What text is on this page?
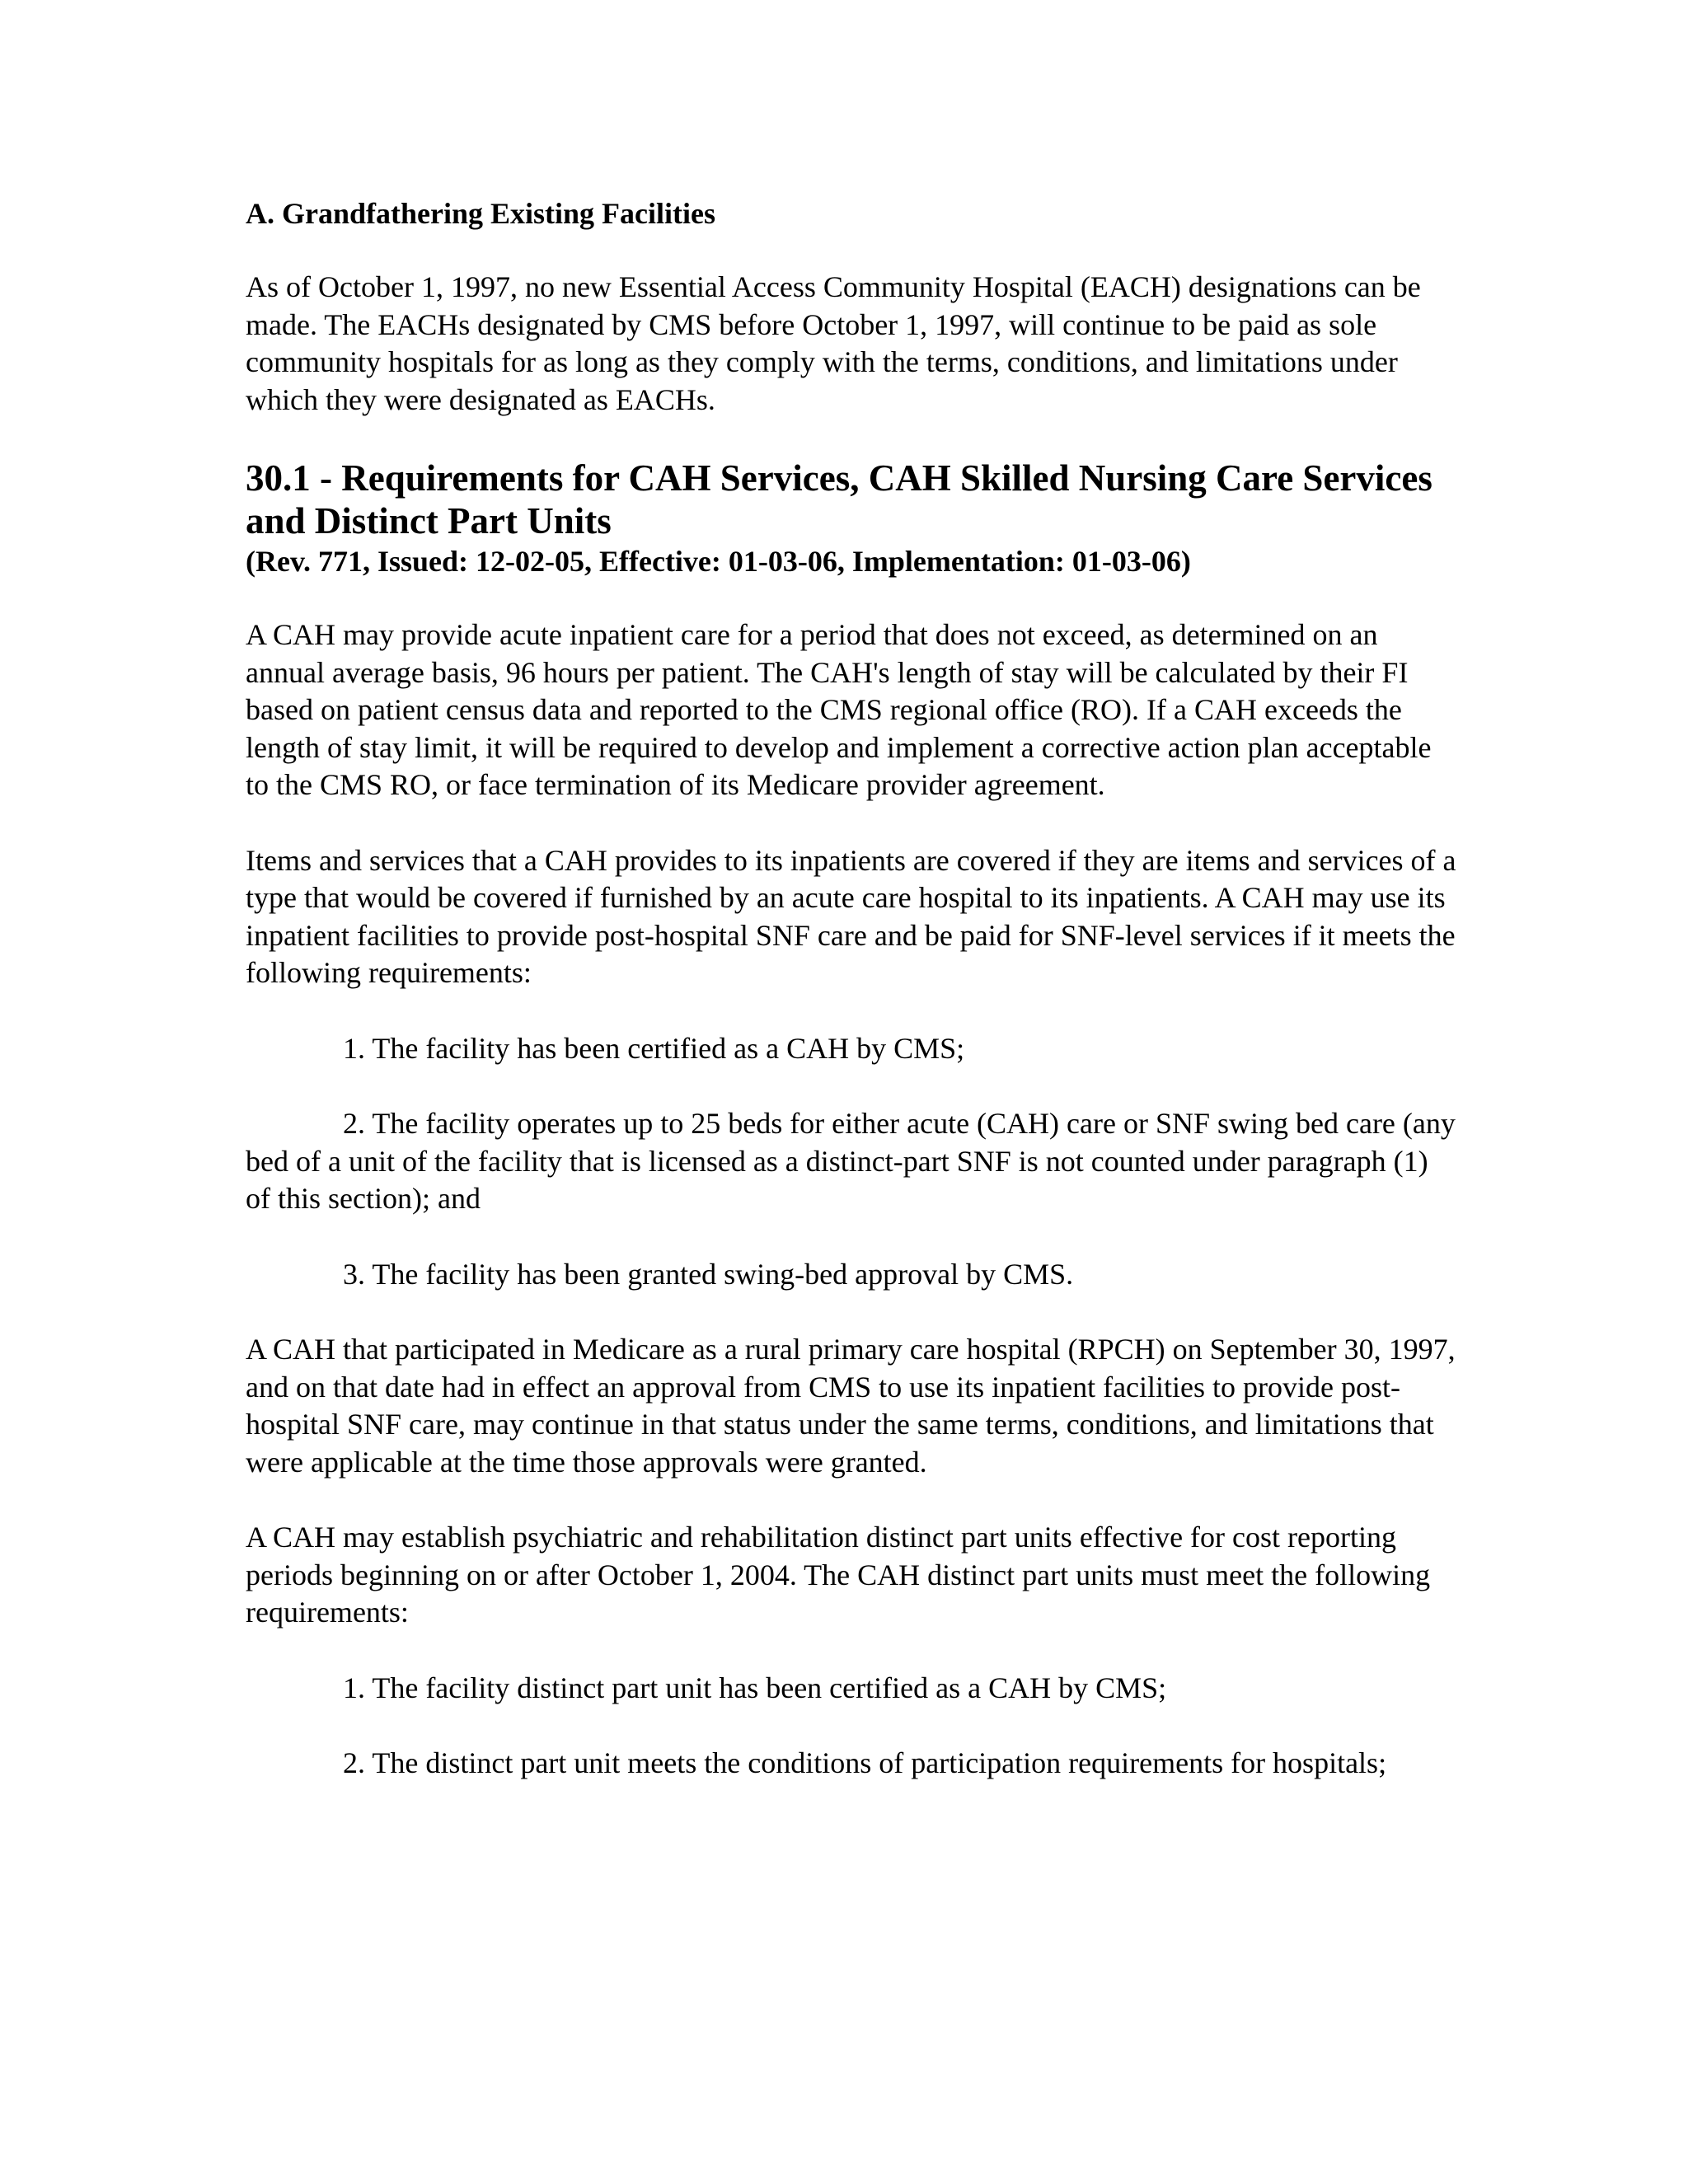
A. Grandfathering Existing Facilities
As of October 1, 1997, no new Essential Access Community Hospital (EACH) designations can be made. The EACHs designated by CMS before October 1, 1997, will continue to be paid as sole community hospitals for as long as they comply with the terms, conditions, and limitations under which they were designated as EACHs.
30.1 - Requirements for CAH Services, CAH Skilled Nursing Care Services and Distinct Part Units
(Rev. 771, Issued: 12-02-05, Effective: 01-03-06, Implementation: 01-03-06)
A CAH may provide acute inpatient care for a period that does not exceed, as determined on an annual average basis, 96 hours per patient. The CAH's length of stay will be calculated by their FI based on patient census data and reported to the CMS regional office (RO). If a CAH exceeds the length of stay limit, it will be required to develop and implement a corrective action plan acceptable to the CMS RO, or face termination of its Medicare provider agreement.
Items and services that a CAH provides to its inpatients are covered if they are items and services of a type that would be covered if furnished by an acute care hospital to its inpatients. A CAH may use its inpatient facilities to provide post-hospital SNF care and be paid for SNF-level services if it meets the following requirements:
1. The facility has been certified as a CAH by CMS;
2. The facility operates up to 25 beds for either acute (CAH) care or SNF swing bed care (any bed of a unit of the facility that is licensed as a distinct-part SNF is not counted under paragraph (1) of this section); and
3. The facility has been granted swing-bed approval by CMS.
A CAH that participated in Medicare as a rural primary care hospital (RPCH) on September 30, 1997, and on that date had in effect an approval from CMS to use its inpatient facilities to provide post-hospital SNF care, may continue in that status under the same terms, conditions, and limitations that were applicable at the time those approvals were granted.
A CAH may establish psychiatric and rehabilitation distinct part units effective for cost reporting periods beginning on or after October 1, 2004. The CAH distinct part units must meet the following requirements:
1. The facility distinct part unit has been certified as a CAH by CMS;
2. The distinct part unit meets the conditions of participation requirements for hospitals;
